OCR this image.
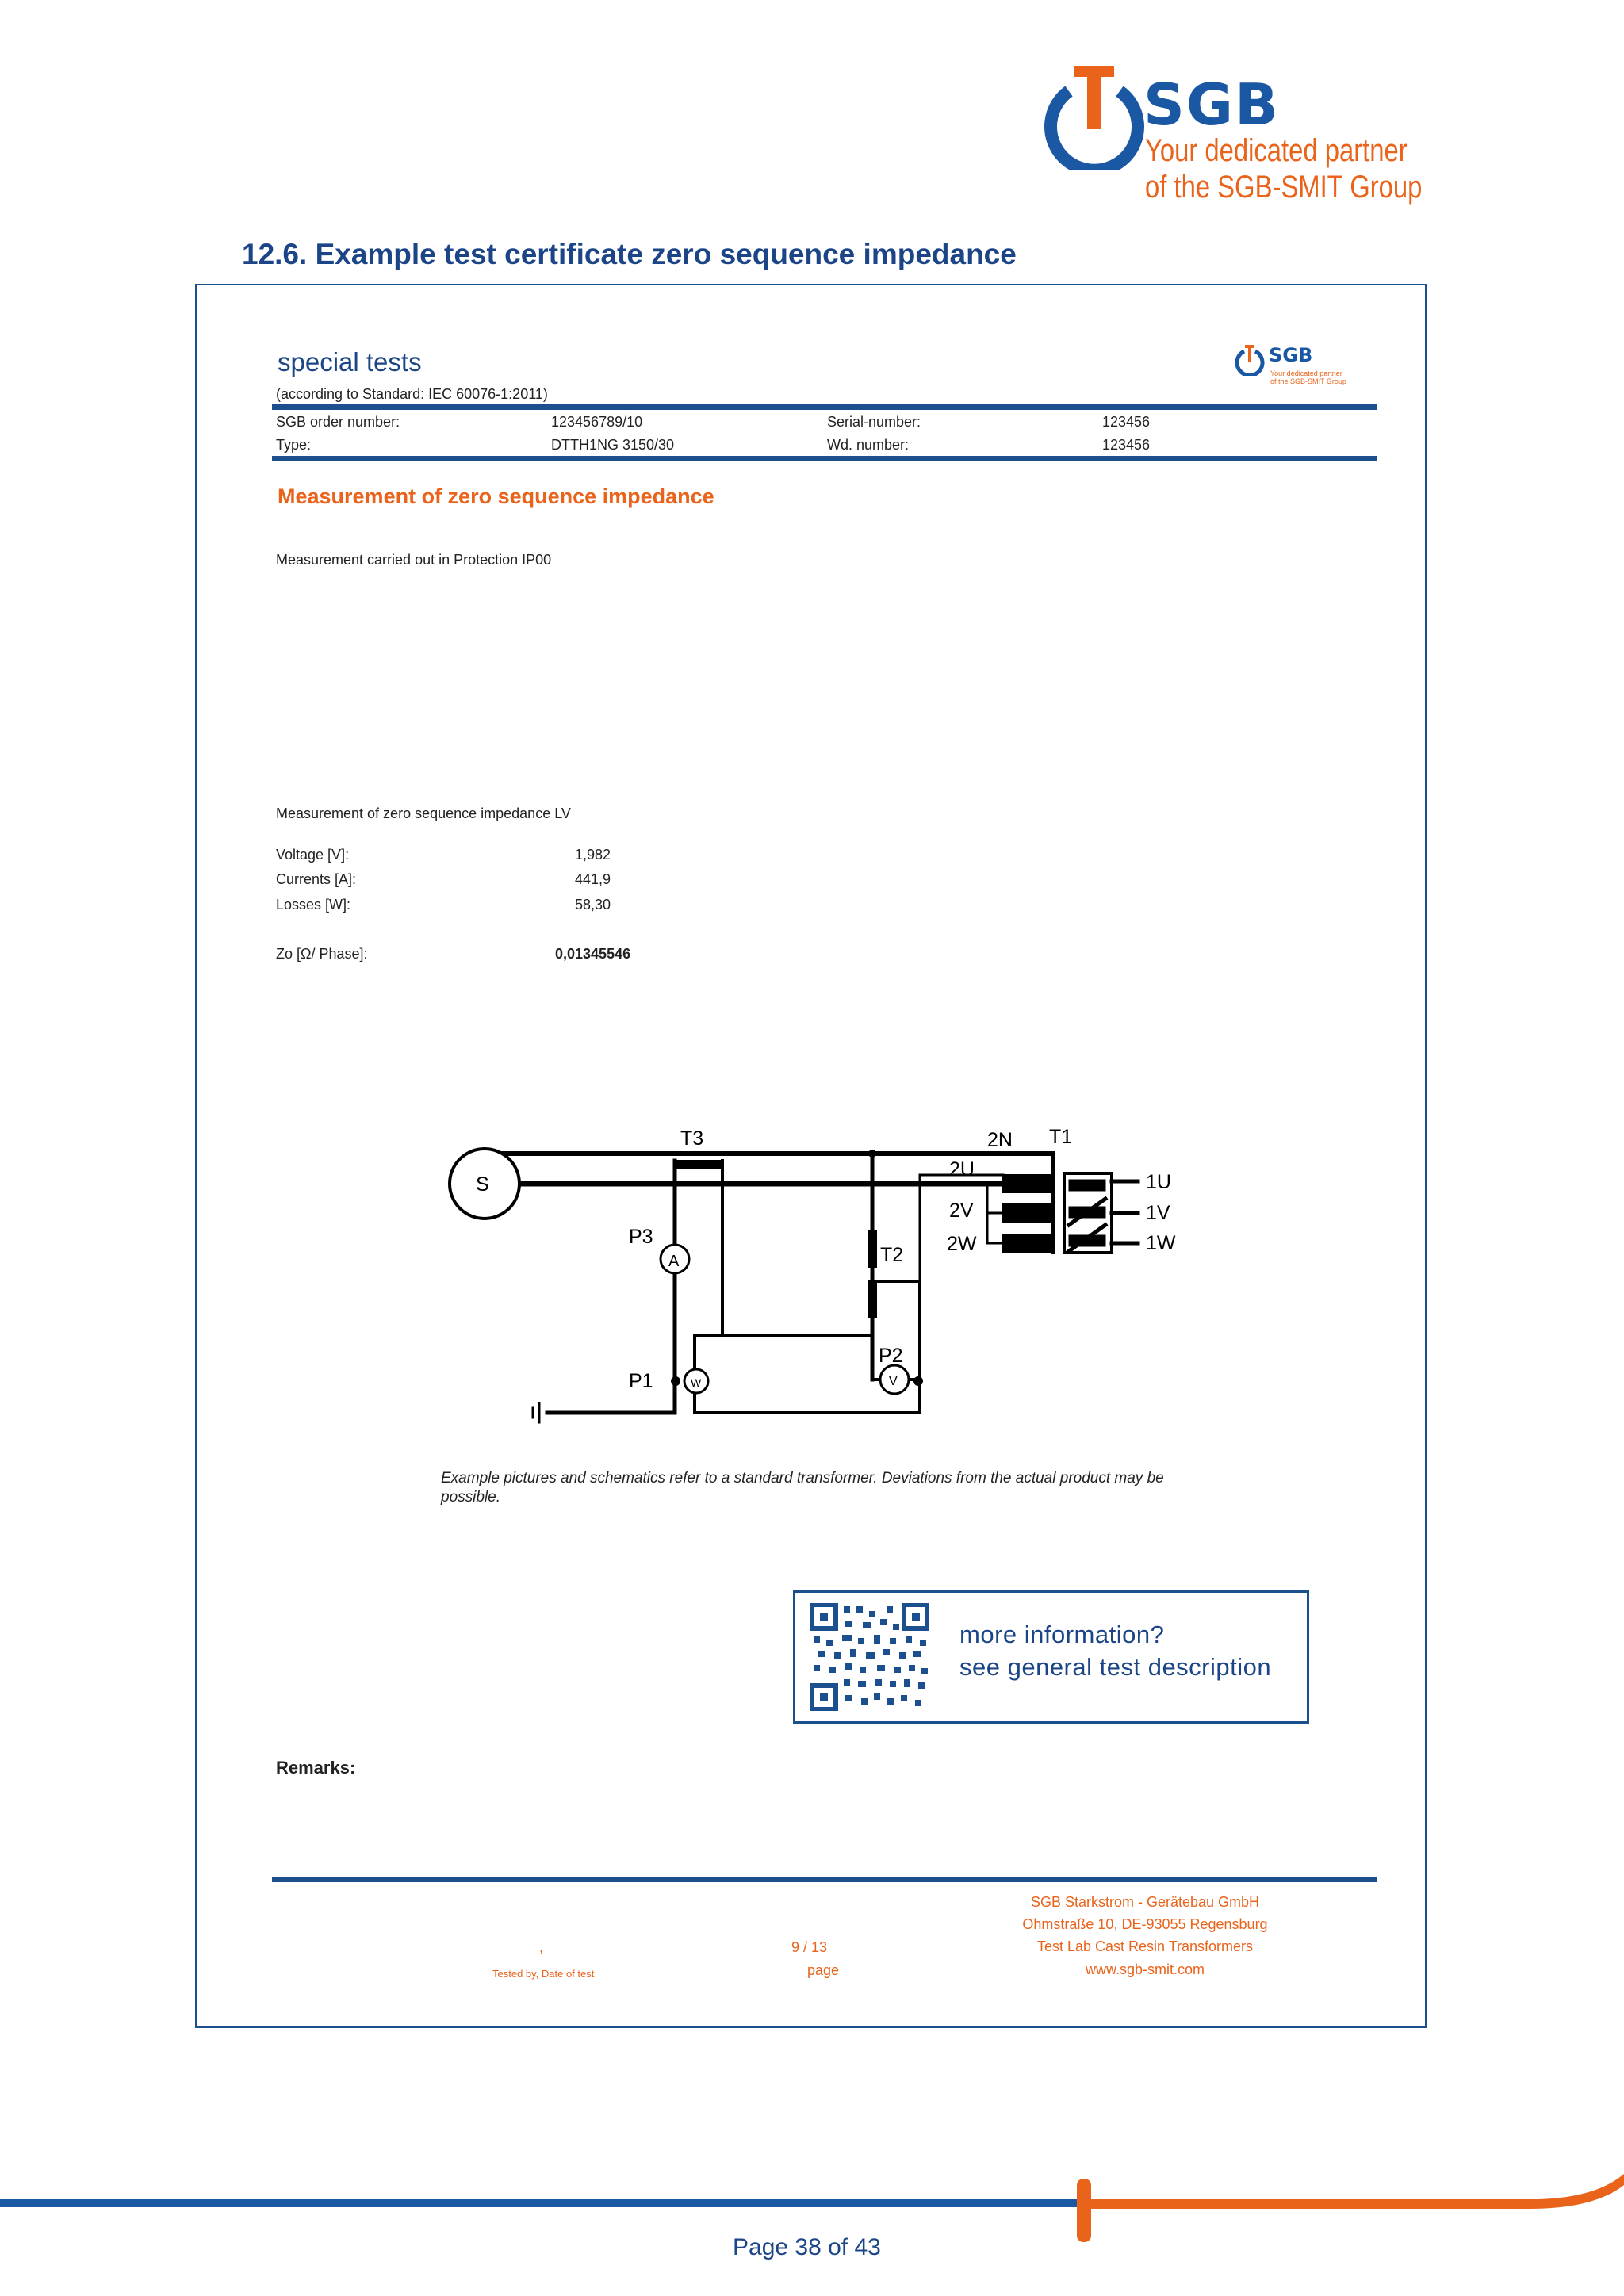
SGB
Your dedicated partner
of the SGB-SMIT Group
12.6. Example test certificate zero sequence impedance
special tests
(according to Standard: IEC 60076-1:2011)
SGB
Your dedicated partner
of the SGB-SMIT Group
SGB order number:	123456789/10	Serial-number:	123456
Type:	DTTH1NG 3150/30	Wd. number:	123456
Measurement of zero sequence impedance
Measurement carried out in Protection IP00
Measurement of zero sequence impedance LV
Voltage [V]:	1,982
Currents [A]:	441,9
Losses [W]:	58,30
Zo [Ω/ Phase]:	0,01345546
T3	T1
2N
2U
2V
2W
1U
1V
1W
S
T2
P3
P1
P2
A
W	V
Example pictures and schematics refer to a standard transformer. Deviations from the actual product may be possible.
more information?
see general test description
Remarks:
,
Tested by, Date of test
9 / 13
page
SGB Starkstrom - Gerätebau GmbH
Ohmstraße 10, DE-93055 Regensburg
Test Lab Cast Resin Transformers
www.sgb-smit.com
Page 38 of 43
